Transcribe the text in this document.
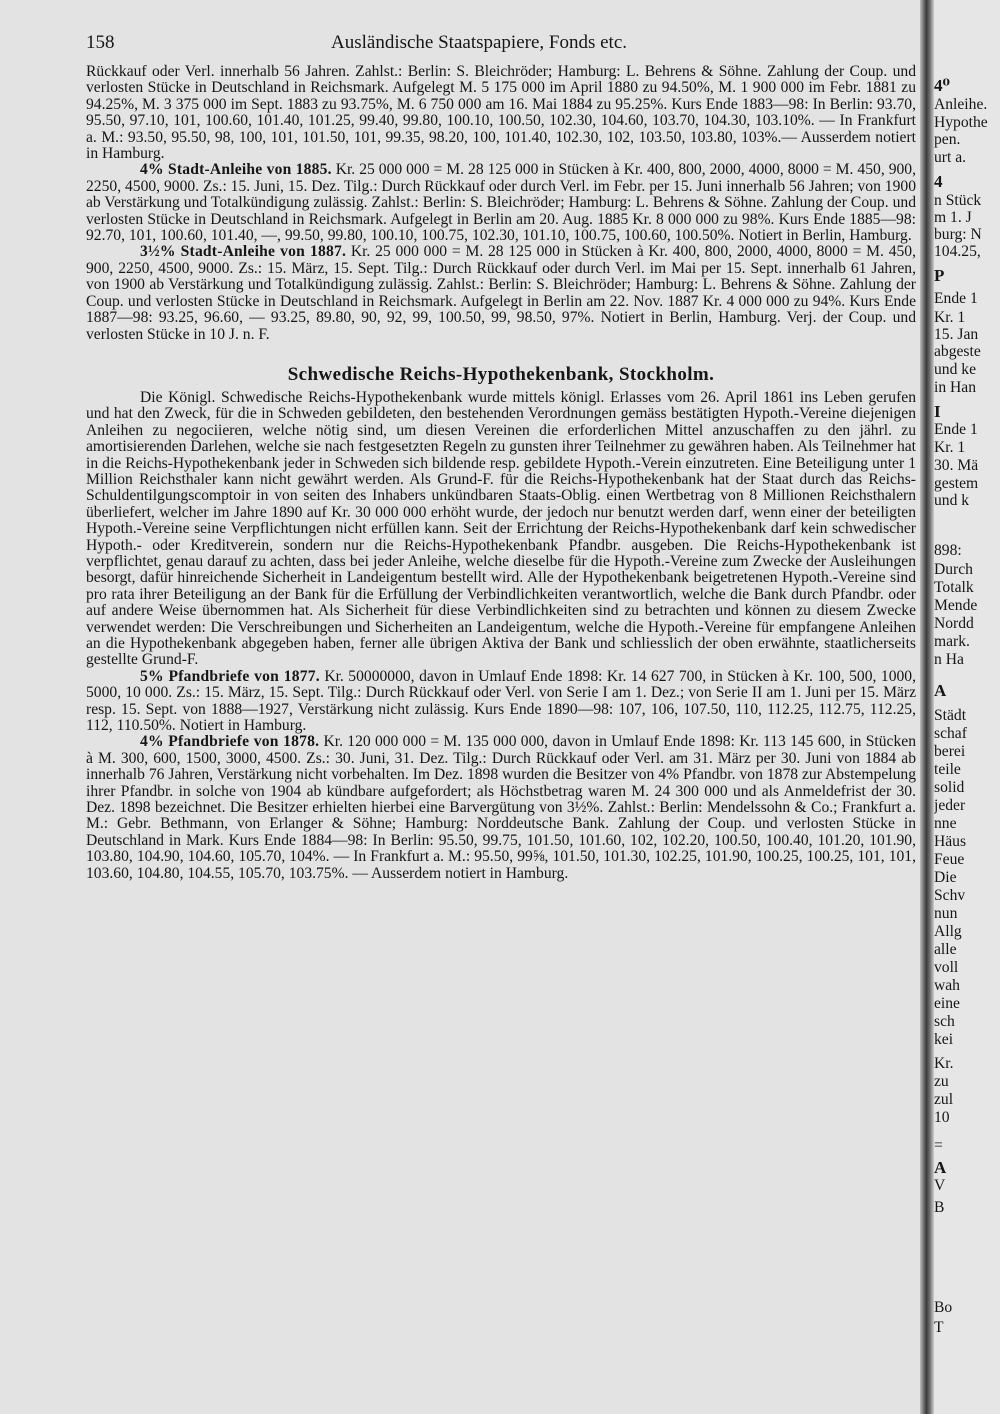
158	Ausländische Staatspapiere, Fonds etc.

Rückkauf oder Verl. innerhalb 56 Jahren. Zahlst.: Berlin: S. Bleichröder; Hamburg: L. Behrens & Söhne. Zahlung der Coup. und verlosten Stücke in Deutschland in Reichsmark. Aufgelegt M. 5 175 000 im April 1880 zu 94.50%, M. 1 900 000 im Febr. 1881 zu 94.25%, M. 3 375 000 im Sept. 1883 zu 93.75%, M. 6 750 000 am 16. Mai 1884 zu 95.25%. Kurs Ende 1883—98: In Berlin: 93.70, 95.50, 97.10, 101, 100.60, 101.40, 101.25, 99.40, 99.80, 100.10, 100.50, 102.30, 104.60, 103.70, 104.30, 103.10%. — In Frankfurt a. M.: 93.50, 95.50, 98, 100, 101, 101.50, 101, 99.35, 98.20, 100, 101.40, 102.30, 102, 103.50, 103.80, 103%.— Ausserdem notiert in Hamburg.

4% Stadt-Anleihe von 1885. Kr. 25 000 000 = M. 28 125 000 in Stücken à Kr. 400, 800, 2000, 4000, 8000 = M. 450, 900, 2250, 4500, 9000. Zs.: 15. Juni, 15. Dez. Tilg.: Durch Rückkauf oder durch Verl. im Febr. per 15. Juni innerhalb 56 Jahren; von 1900 ab Verstärkung und Totalkündigung zulässig. Zahlst.: Berlin: S. Bleichröder; Hamburg: L. Behrens & Söhne. Zahlung der Coup. und verlosten Stücke in Deutschland in Reichsmark. Aufgelegt in Berlin am 20. Aug. 1885 Kr. 8 000 000 zu 98%. Kurs Ende 1885—98: 92.70, 101, 100.60, 101.40, —, 99.50, 99.80, 100.10, 100.75, 102.30, 101.10, 100.75, 100.60, 100.50%. Notiert in Berlin, Hamburg.

3½% Stadt-Anleihe von 1887. Kr. 25 000 000 = M. 28 125 000 in Stücken à Kr. 400, 800, 2000, 4000, 8000 = M. 450, 900, 2250, 4500, 9000. Zs.: 15. März, 15. Sept. Tilg.: Durch Rückkauf oder durch Verl. im Mai per 15. Sept. innerhalb 61 Jahren, von 1900 ab Verstärkung und Totalkündigung zulässig. Zahlst.: Berlin: S. Bleichröder; Hamburg: L. Behrens & Söhne. Zahlung der Coup. und verlosten Stücke in Deutschland in Reichsmark. Aufgelegt in Berlin am 22. Nov. 1887 Kr. 4 000 000 zu 94%. Kurs Ende 1887—98: 93.25, 96.60, — 93.25, 89.80, 90, 92, 99, 100.50, 99, 98.50, 97%. Notiert in Berlin, Hamburg. Verj. der Coup. und verlosten Stücke in 10 J. n. F.

Schwedische Reichs-Hypothekenbank, Stockholm.

Die Königl. Schwedische Reichs-Hypothekenbank wurde mittels königl. Erlasses vom 26. April 1861 ins Leben gerufen und hat den Zweck, für die in Schweden gebildeten, den bestehenden Verordnungen gemäss bestätigten Hypoth.-Vereine diejenigen Anleihen zu negociieren, welche nötig sind, um diesen Vereinen die erforderlichen Mittel anzuschaffen zu den jährl. zu amortisierenden Darlehen, welche sie nach festgesetzten Regeln zu gunsten ihrer Teilnehmer zu gewähren haben. Als Teilnehmer hat in die Reichs-Hypothekenbank jeder in Schweden sich bildende resp. gebildete Hypoth.-Verein einzutreten. Eine Beteiligung unter 1 Million Reichsthaler kann nicht gewährt werden. Als Grund-F. für die Reichs-Hypothekenbank hat der Staat durch das Reichs-Schuldentilgungscomptoir in von seiten des Inhabers unkündbaren Staats-Oblig. einen Wertbetrag von 8 Millionen Reichsthalern überliefert, welcher im Jahre 1890 auf Kr. 30 000 000 erhöht wurde, der jedoch nur benutzt werden darf, wenn einer der beteiligten Hypoth.-Vereine seine Verpflichtungen nicht erfüllen kann. Seit der Errichtung der Reichs-Hypothekenbank darf kein schwedischer Hypoth.- oder Kreditverein, sondern nur die Reichs-Hypothekenbank Pfandbr. ausgeben. Die Reichs-Hypothekenbank ist verpflichtet, genau darauf zu achten, dass bei jeder Anleihe, welche dieselbe für die Hypoth.-Vereine zum Zwecke der Ausleihungen besorgt, dafür hinreichende Sicherheit in Landeigentum bestellt wird. Alle der Hypothekenbank beigetretenen Hypoth.-Vereine sind pro rata ihrer Beteiligung an der Bank für die Erfüllung der Verbindlichkeiten verantwortlich, welche die Bank durch Pfandbr. oder auf andere Weise übernommen hat. Als Sicherheit für diese Verbindlichkeiten sind zu betrachten und können zu diesem Zwecke verwendet werden: Die Verschreibungen und Sicherheiten an Landeigentum, welche die Hypoth.-Vereine für empfangene Anleihen an die Hypothekenbank abgegeben haben, ferner alle übrigen Aktiva der Bank und schliesslich der oben erwähnte, staatlicherseits gestellte Grund-F.

5% Pfandbriefe von 1877. Kr. 50000000, davon in Umlauf Ende 1898: Kr. 14 627 700, in Stücken à Kr. 100, 500, 1000, 5000, 10 000. Zs.: 15. März, 15. Sept. Tilg.: Durch Rückkauf oder Verl. von Serie I am 1. Dez.; von Serie II am 1. Juni per 15. März resp. 15. Sept. von 1888—1927, Verstärkung nicht zulässig. Kurs Ende 1890—98: 107, 106, 107.50, 110, 112.25, 112.75, 112.25, 112, 110.50%. Notiert in Hamburg.

4% Pfandbriefe von 1878. Kr. 120 000 000 = M. 135 000 000, davon in Umlauf Ende 1898: Kr. 113 145 600, in Stücken à M. 300, 600, 1500, 3000, 4500. Zs.: 30. Juni, 31. Dez. Tilg.: Durch Rückkauf oder Verl. am 31. März per 30. Juni von 1884 ab innerhalb 76 Jahren, Verstärkung nicht vorbehalten. Im Dez. 1898 wurden die Besitzer von 4% Pfandbr. von 1878 zur Abstempelung ihrer Pfandbr. in solche von 1904 ab kündbare aufgefordert; als Höchstbetrag waren M. 24 300 000 und als Anmeldefrist der 30. Dez. 1898 bezeichnet. Die Besitzer erhielten hierbei eine Barvergütung von 3½%. Zahlst.: Berlin: Mendelssohn & Co.; Frankfurt a. M.: Gebr. Bethmann, von Erlanger & Söhne; Hamburg: Norddeutsche Bank. Zahlung der Coup. und verlosten Stücke in Deutschland in Mark. Kurs Ende 1884—98: In Berlin: 95.50, 99.75, 101.50, 101.60, 102, 102.20, 100.50, 100.40, 101.20, 101.90, 103.80, 104.90, 104.60, 105.70, 104%. — In Frankfurt a. M.: 95.50, 99⅝, 101.50, 101.30, 102.25, 101.90, 100.25, 100.25, 101, 101, 103.60, 104.80, 104.55, 105.70, 103.75%. — Ausserdem notiert in Hamburg.

4⁰
Anleihe.
Hypothe
pen.
urt a.
4
n Stück
m 1. J
burg: N
104.25,
P
Ende 1
Kr. 1
15. Jan
abgeste
und ke
in Han
I
Ende 1
Kr. 1
30. Mä
gestem
und k
898:
Durch
Totalk
Mende
Nordd
mark.
n Ha
A
Städt
schaf
berei
teile
solid
jeder
nne
Häus
Feue
Die
Schv
nun
Allg
alle
voll
wah
eine
sch
kei
Kr.
zu
zul
10
=
A
V
B
Bo
T
